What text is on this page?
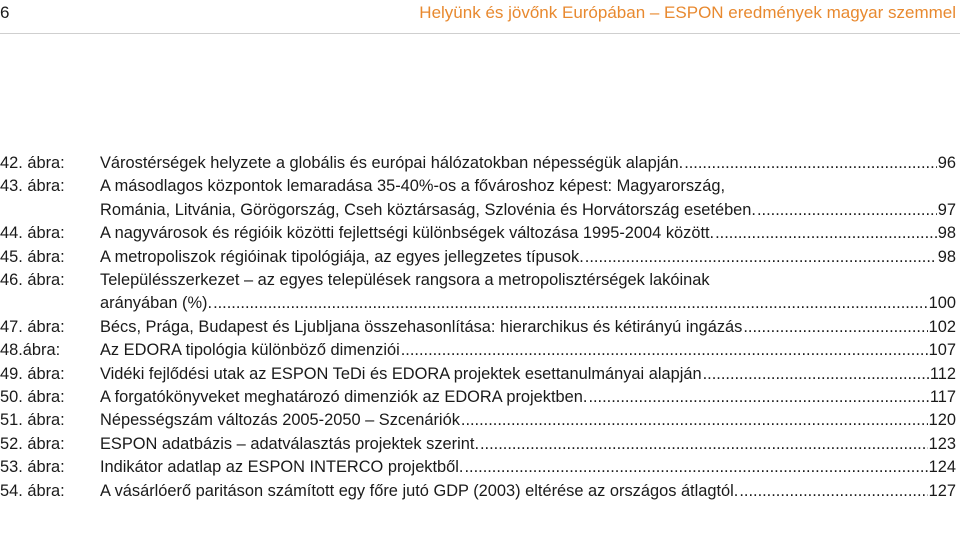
6	Helyünk és jövőnk Európában – ESPON eredmények magyar szemmel
42. ábra:	Várostérségek helyzete a globális és európai hálózatokban népességük alapján. .....	96
43. ábra:	A másodlagos központok lemaradása 35-40%-os a fővároshoz képest: Magyarország,
Románia, Litvánia, Görögország, Cseh köztársaság, Szlovénia és Horvátország esetében. .....	97
44. ábra:	A nagyvárosok és régióik közötti fejlettségi különbségek változása 1995-2004 között. .....	98
45. ábra:	A metropoliszok régióinak tipológiája, az egyes jellegzetes típusok. .....	98
46. ábra:	Településszerkezet – az egyes települések rangsora a metropolisztérségek lakóinak
arányában (%). .....	100
47. ábra:	Bécs, Prága, Budapest és Ljubljana összehasonlítása: hierarchikus és kétirányú ingázás .....	102
48.ábra:	Az EDORA tipológia különböző dimenziói .....	107
49. ábra:	Vidéki fejlődési utak az ESPON TeDi és EDORA projektek esettanulmányai alapján .....	112
50. ábra:	A forgatókönyveket meghatározó dimenziók az EDORA projektben. .....	117
51. ábra:	Népességszám változás 2005-2050 – Szcenáriók .....	120
52. ábra:	ESPON adatbázis – adatválasztás projektek szerint. .....	123
53. ábra:	Indikátor adatlap az ESPON INTERCO projektből. .....	124
54. ábra:	A vásárlóerő paritáson számított egy főre jutó GDP (2003) eltérése az országos átlagtól. .....	127
